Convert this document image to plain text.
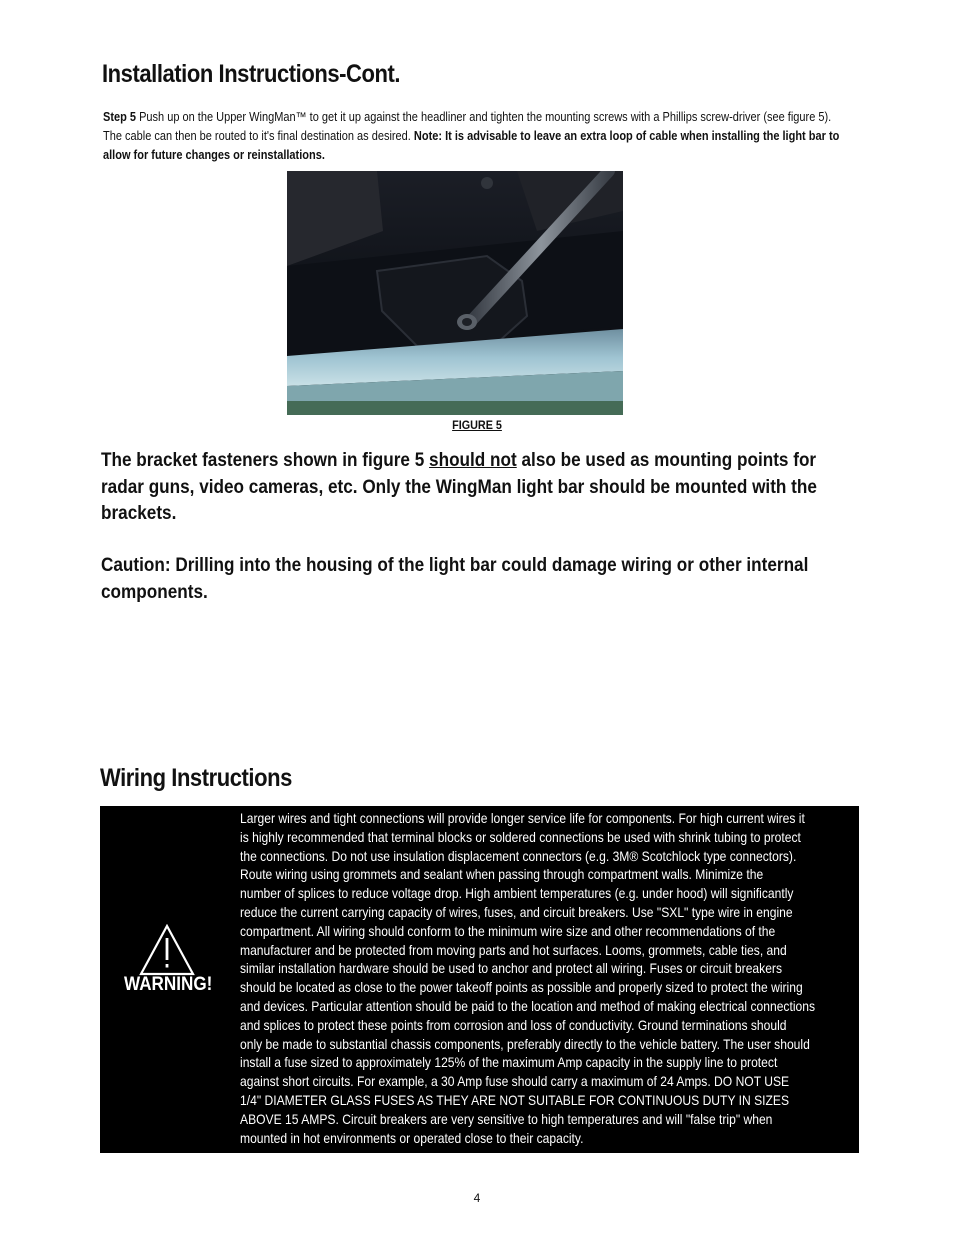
Installation Instructions-Cont.
Step 5 Push up on the Upper WingMan™ to get it up against the headliner and tighten the mounting screws with a Phillips screw-driver (see figure 5). The cable can then be routed to it's final destination as desired. Note: It is advisable to leave an extra loop of cable when installing the light bar to allow for future changes or reinstallations.
FIGURE 5
The bracket fasteners shown in figure 5 should not also be used as mounting points for radar guns, video cameras, etc. Only the WingMan light bar should be mounted with the brackets.
Caution: Drilling into the housing of the light bar could damage wiring or other internal components.
Wiring Instructions
WARNING!
Larger wires and tight connections will provide longer service life for components. For high current wires it
is highly recommended that terminal blocks or soldered connections be used with shrink tubing to protect
the connections. Do not use insulation displacement connectors (e.g. 3M® Scotchlock type connectors).
Route wiring using grommets and sealant when passing through compartment walls. Minimize the
number of splices to reduce voltage drop. High ambient temperatures (e.g. under hood) will significantly
reduce the current carrying capacity of wires, fuses, and circuit breakers. Use "SXL" type wire in engine
compartment. All wiring should conform to the minimum wire size and other recommendations of the
manufacturer and be protected from moving parts and hot surfaces. Looms, grommets, cable ties, and
similar installation hardware should be used to anchor and protect all wiring. Fuses or circuit breakers
should be located as close to the power takeoff points as possible and properly sized to protect the wiring
and devices. Particular attention should be paid to the location and method of making electrical connections
and splices to protect these points from corrosion and loss of conductivity. Ground terminations should
only be made to substantial chassis components, preferably directly to the vehicle battery. The user should
install a fuse sized to approximately 125% of the maximum Amp capacity in the supply line to protect
against short circuits. For example, a 30 Amp fuse should carry a maximum of 24 Amps. DO NOT USE
1/4" DIAMETER GLASS FUSES AS THEY ARE NOT SUITABLE FOR CONTINUOUS DUTY IN SIZES
ABOVE 15 AMPS. Circuit breakers are very sensitive to high temperatures and will "false trip" when
mounted in hot environments or operated close to their capacity.
4
